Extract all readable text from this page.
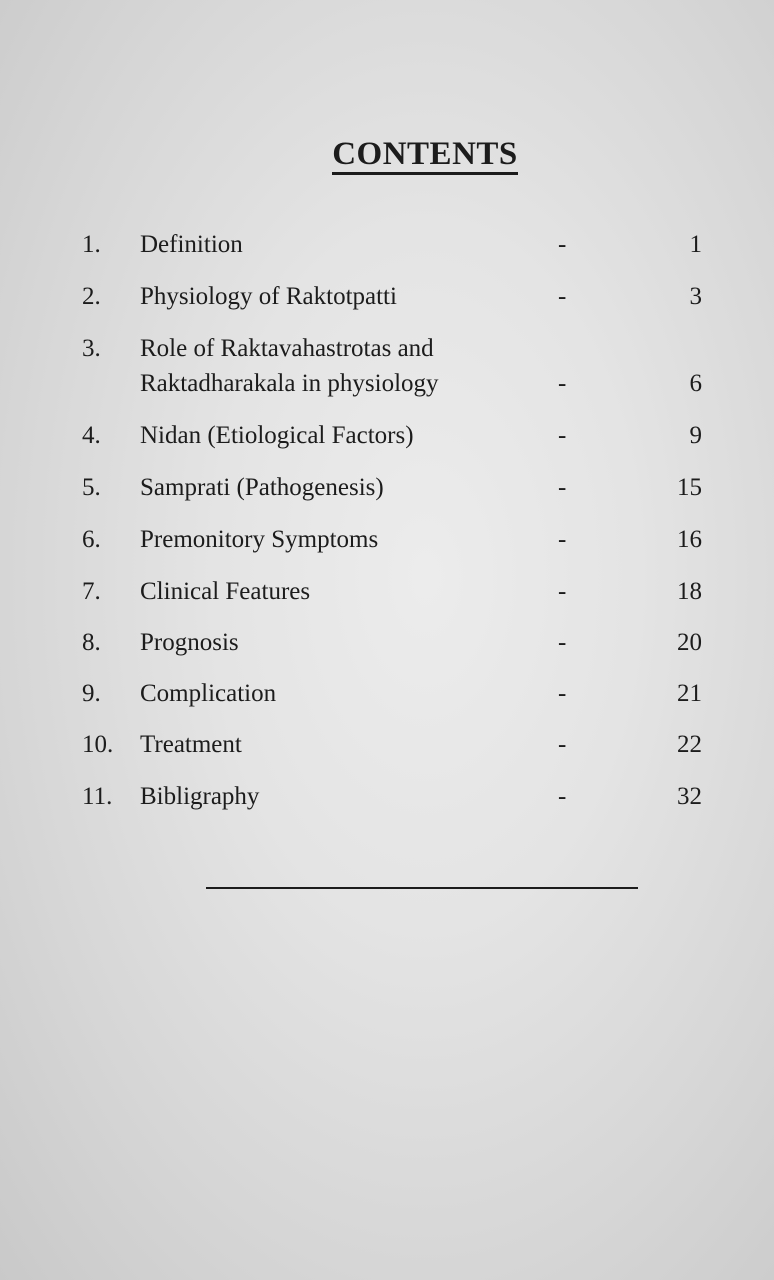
CONTENTS
1. Definition	-	1
2. Physiology of Raktotpatti	-	3
3. Role of Raktavahastrotas and
Raktadharakala in physiology	-	6
4. Nidan (Etiological Factors)	-	9
5. Samprati (Pathogenesis)	-	15
6. Premonitory Symptoms	-	16
7. Clinical Features	-	18
8. Prognosis	-	20
9. Complication	-	21
10. Treatment	-	22
11. Bibligraphy	-	32
